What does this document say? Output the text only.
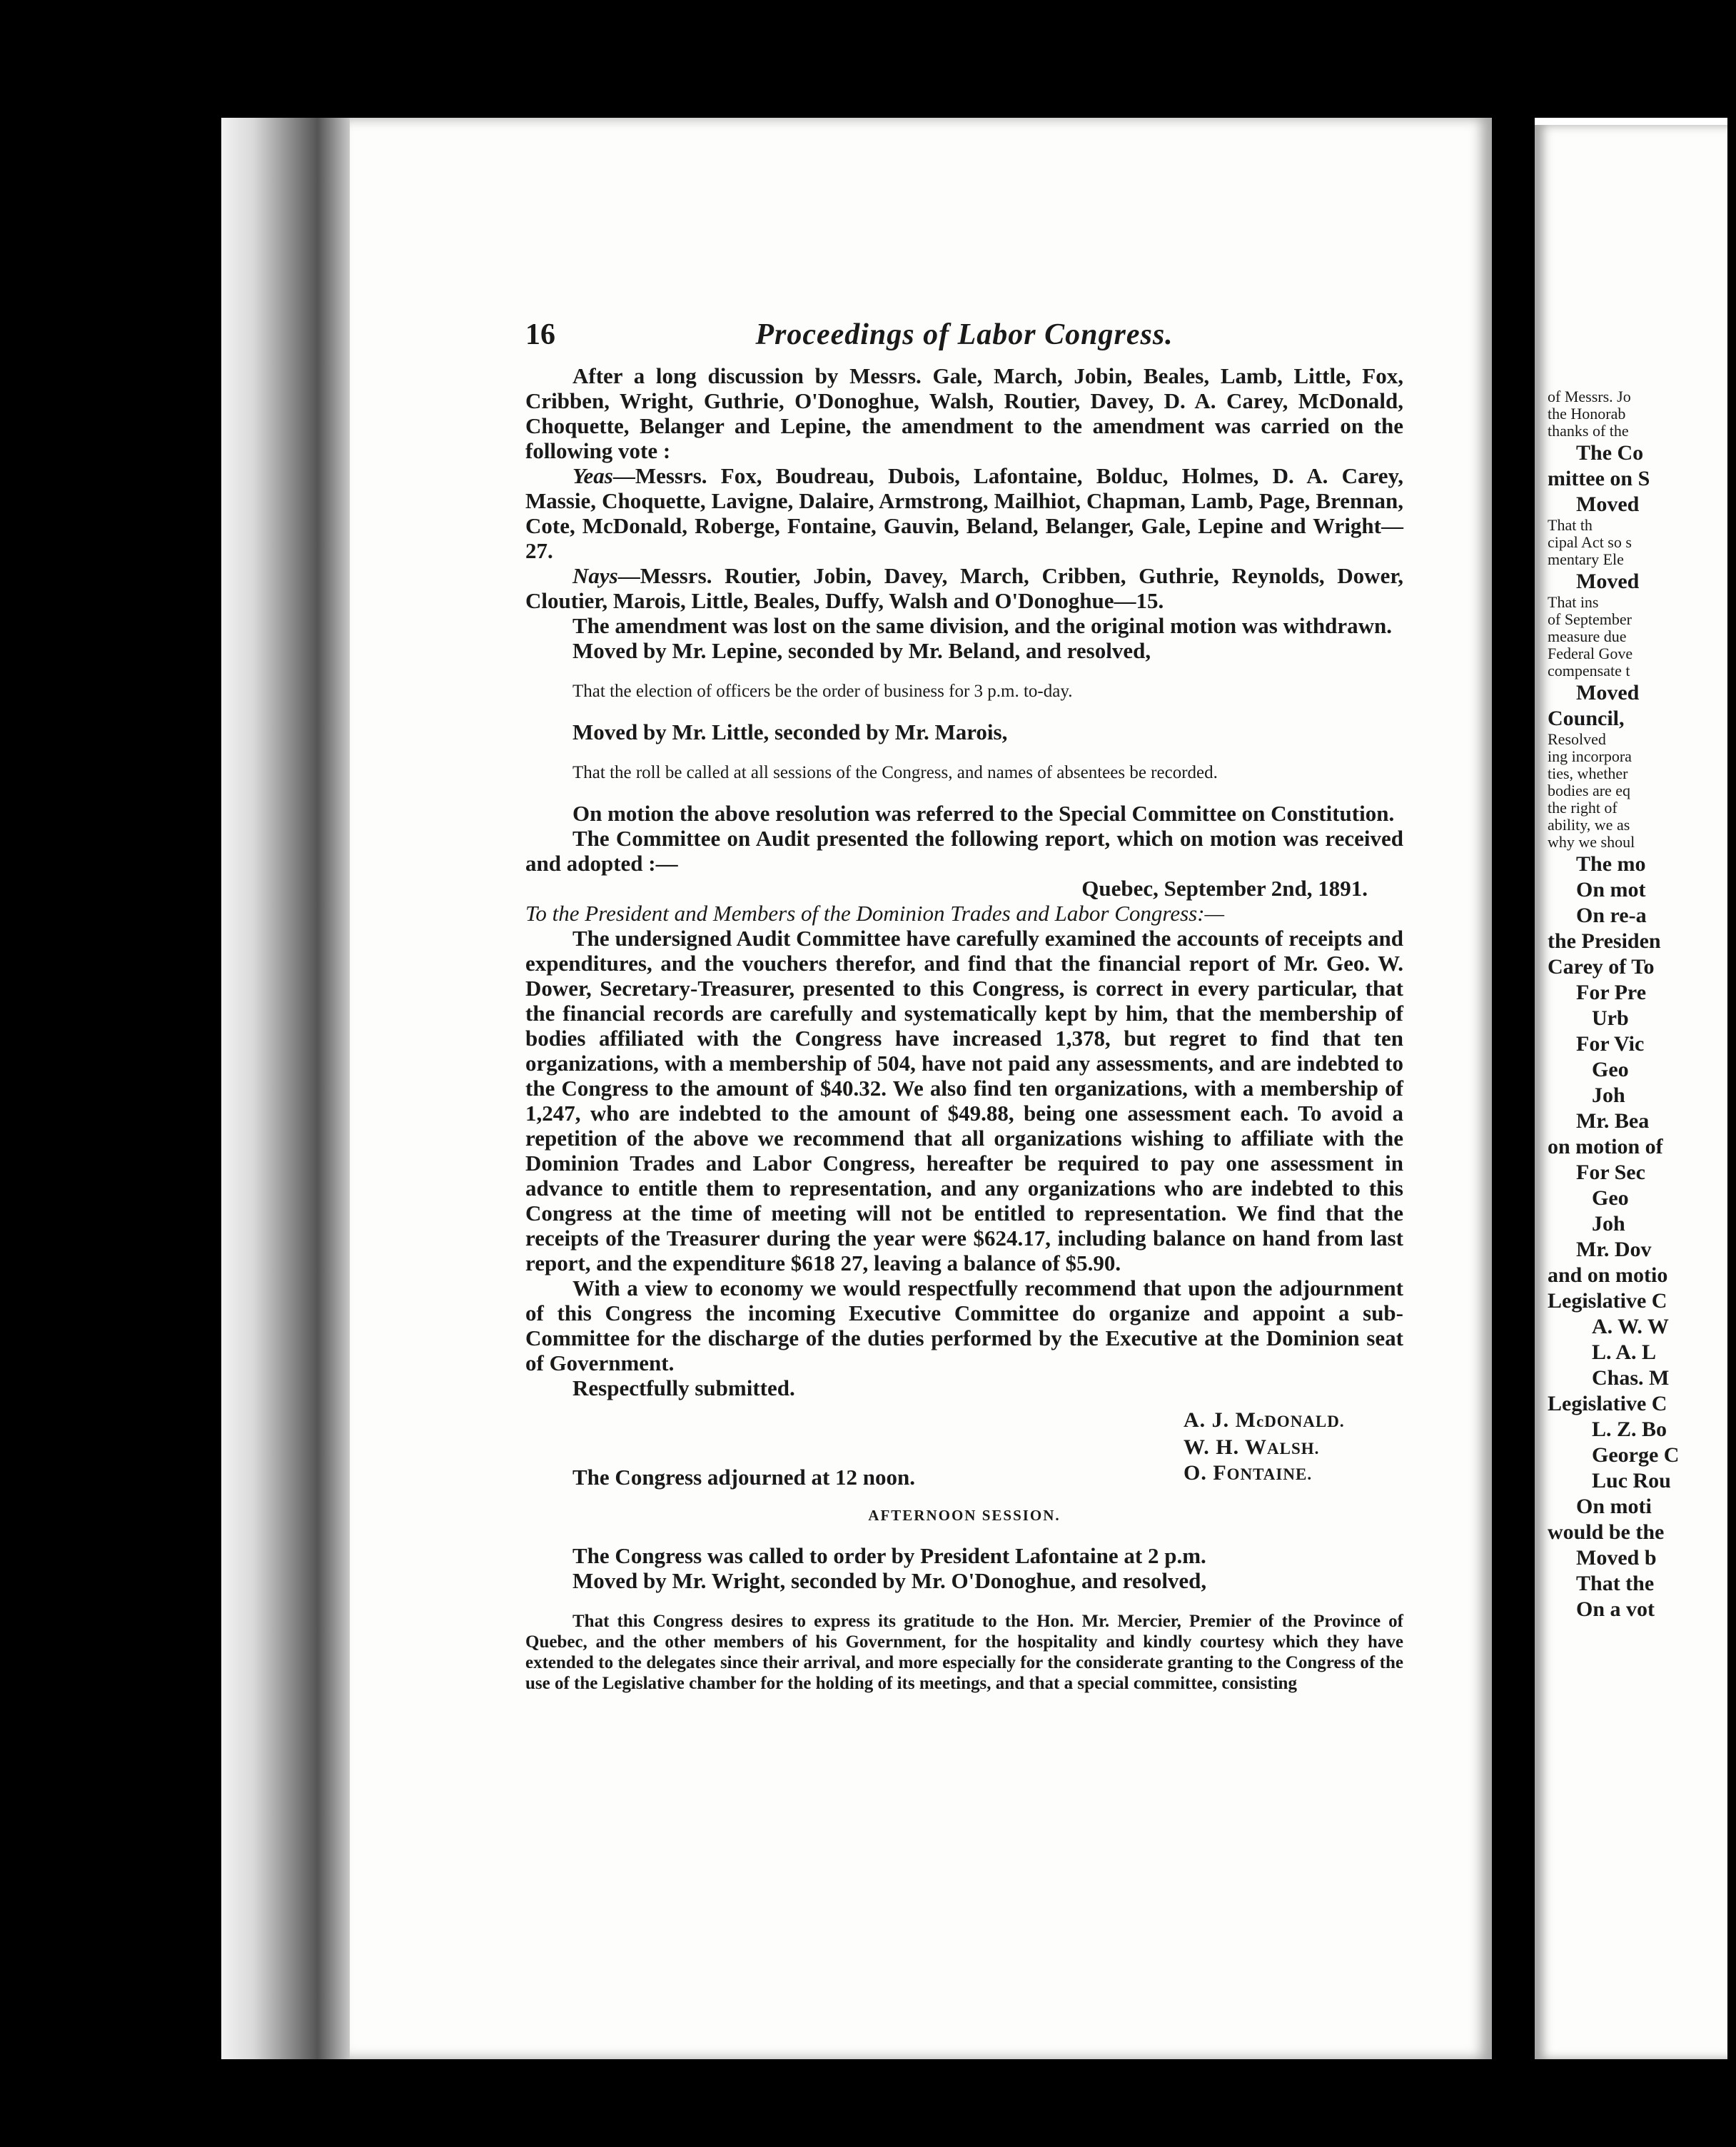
16	Proceedings of Labor Congress.

After a long discussion by Messrs. Gale, March, Jobin, Beales, Lamb, Little, Fox, Cribben, Wright, Guthrie, O'Donoghue, Walsh, Routier, Davey, D. A. Carey, McDonald, Choquette, Belanger and Lepine, the amendment to the amendment was carried on the following vote :

Yeas—Messrs. Fox, Boudreau, Dubois, Lafontaine, Bolduc, Holmes, D. A. Carey, Massie, Choquette, Lavigne, Dalaire, Armstrong, Mailhiot, Chapman, Lamb, Page, Brennan, Cote, McDonald, Roberge, Fontaine, Gauvin, Beland, Belanger, Gale, Lepine and Wright—27.

Nays—Messrs. Routier, Jobin, Davey, March, Cribben, Guthrie, Reynolds, Dower, Cloutier, Marois, Little, Beales, Duffy, Walsh and O'Donoghue—15.

The amendment was lost on the same division, and the original motion was withdrawn.

Moved by Mr. Lepine, seconded by Mr. Beland, and resolved,

That the election of officers be the order of business for 3 p.m. to-day.

Moved by Mr. Little, seconded by Mr. Marois,

That the roll be called at all sessions of the Congress, and names of absentees be recorded.

On motion the above resolution was referred to the Special Committee on Constitution.

The Committee on Audit presented the following report, which on motion was received and adopted :—

Quebec, September 2nd, 1891.

To the President and Members of the Dominion Trades and Labor Congress:—

The undersigned Audit Committee have carefully examined the accounts of receipts and expenditures, and the vouchers therefor, and find that the financial report of Mr. Geo. W. Dower, Secretary-Treasurer, presented to this Congress, is correct in every particular, that the financial records are carefully and systematically kept by him, that the membership of bodies affiliated with the Congress have increased 1,378, but regret to find that ten organizations, with a membership of 504, have not paid any assessments, and are indebted to the Congress to the amount of $40.32. We also find ten organizations, with a membership of 1,247, who are indebted to the amount of $49.88, being one assessment each. To avoid a repetition of the above we recommend that all organizations wishing to affiliate with the Dominion Trades and Labor Congress, hereafter be required to pay one assessment in advance to entitle them to representation, and any organizations who are indebted to this Congress at the time of meeting will not be entitled to representation. We find that the receipts of the Treasurer during the year were $624.17, including balance on hand from last report, and the expenditure $618 27, leaving a balance of $5.90.

With a view to economy we would respectfully recommend that upon the adjournment of this Congress the incoming Executive Committee do organize and appoint a sub-Committee for the discharge of the duties performed by the Executive at the Dominion seat of Government.

Respectfully submitted.

A. J. McDONALD.
W. H. WALSH.
O. FONTAINE.

The Congress adjourned at 12 noon.

AFTERNOON SESSION.

The Congress was called to order by President Lafontaine at 2 p.m.

Moved by Mr. Wright, seconded by Mr. O'Donoghue, and resolved,

That this Congress desires to express its gratitude to the Hon. Mr. Mercier, Premier of the Province of Quebec, and the other members of his Government, for the hospitality and kindly courtesy which they have extended to the delegates since their arrival, and more especially for the considerate granting to the Congress of the use of the Legislative chamber for the holding of its meetings, and that a special committee, consisting

of Messrs. Jo
the Honorab
thanks of the
The Co
mittee on S
Moved
That th
cipal Act so s
mentary Ele
Moved
That ins
of September
measure due
Federal Gove
compensate t
Moved
Council,
Resolved
ing incorpora
ties, whether
bodies are eq
the right of
ability, we as
why we shoul
The mo
On mot
On re-a
the Presiden
Carey of To
For Pre
Urb
For Vic
Geo
Joh
Mr. Bea
on motion of
For Sec
Geo
Joh
Mr. Dov
and on motio
Legislative C
A. W. W
L. A. L
Chas. M
Legislative C
L. Z. Bo
George C
Luc Rou
On moti
would be the
Moved b
That the
On a vot
